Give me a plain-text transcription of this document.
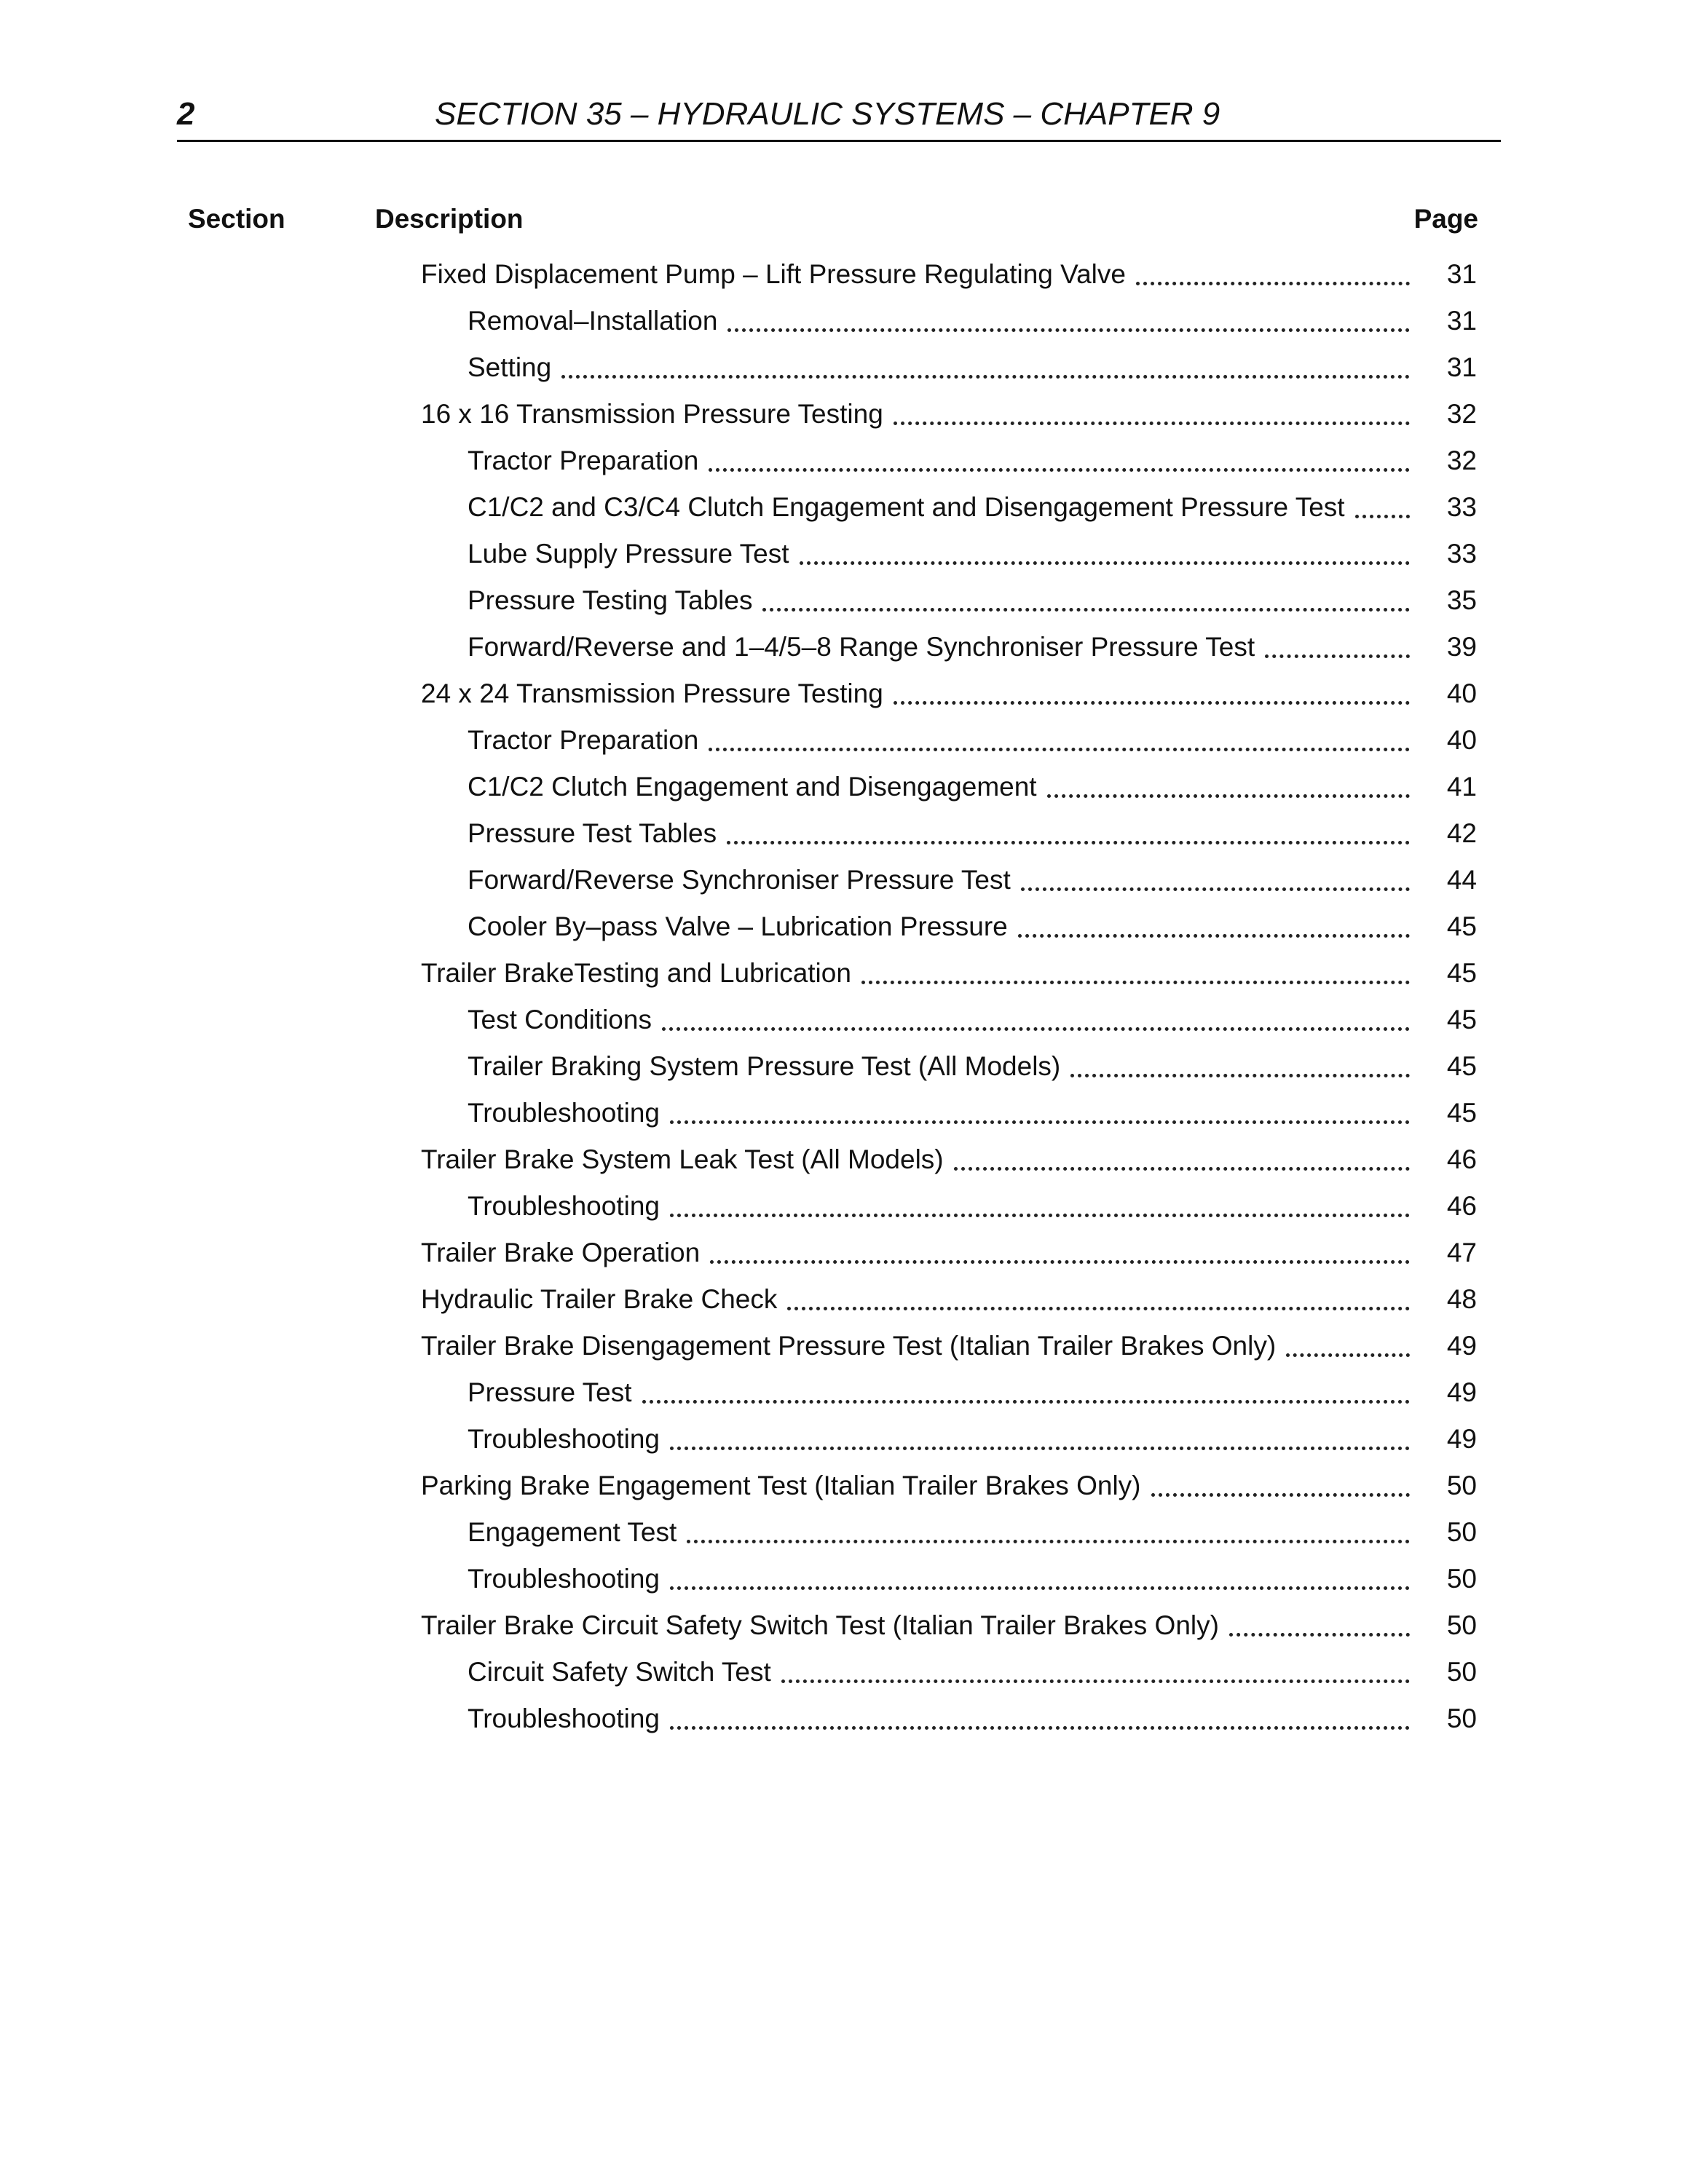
2	SECTION 35 – HYDRAULIC SYSTEMS – CHAPTER 9
Section	Description	Page
Fixed Displacement Pump – Lift Pressure Regulating Valve	31
Removal–Installation	31
Setting	31
16 x 16 Transmission Pressure Testing	32
Tractor Preparation	32
C1/C2 and C3/C4 Clutch Engagement and Disengagement Pressure Test	33
Lube Supply Pressure Test	33
Pressure Testing Tables	35
Forward/Reverse and 1–4/5–8 Range Synchroniser Pressure Test	39
24 x 24 Transmission Pressure Testing	40
Tractor Preparation	40
C1/C2 Clutch Engagement and Disengagement	41
Pressure Test Tables	42
Forward/Reverse Synchroniser Pressure Test	44
Cooler By–pass Valve – Lubrication Pressure	45
Trailer BrakeTesting and Lubrication	45
Test Conditions	45
Trailer Braking System Pressure Test (All Models)	45
Troubleshooting	45
Trailer Brake System Leak Test (All Models)	46
Troubleshooting	46
Trailer Brake Operation	47
Hydraulic Trailer Brake Check	48
Trailer Brake Disengagement Pressure Test (Italian Trailer Brakes Only)	49
Pressure Test	49
Troubleshooting	49
Parking Brake Engagement Test (Italian Trailer Brakes Only)	50
Engagement Test	50
Troubleshooting	50
Trailer Brake Circuit Safety Switch Test (Italian Trailer Brakes Only)	50
Circuit Safety Switch Test	50
Troubleshooting	50
